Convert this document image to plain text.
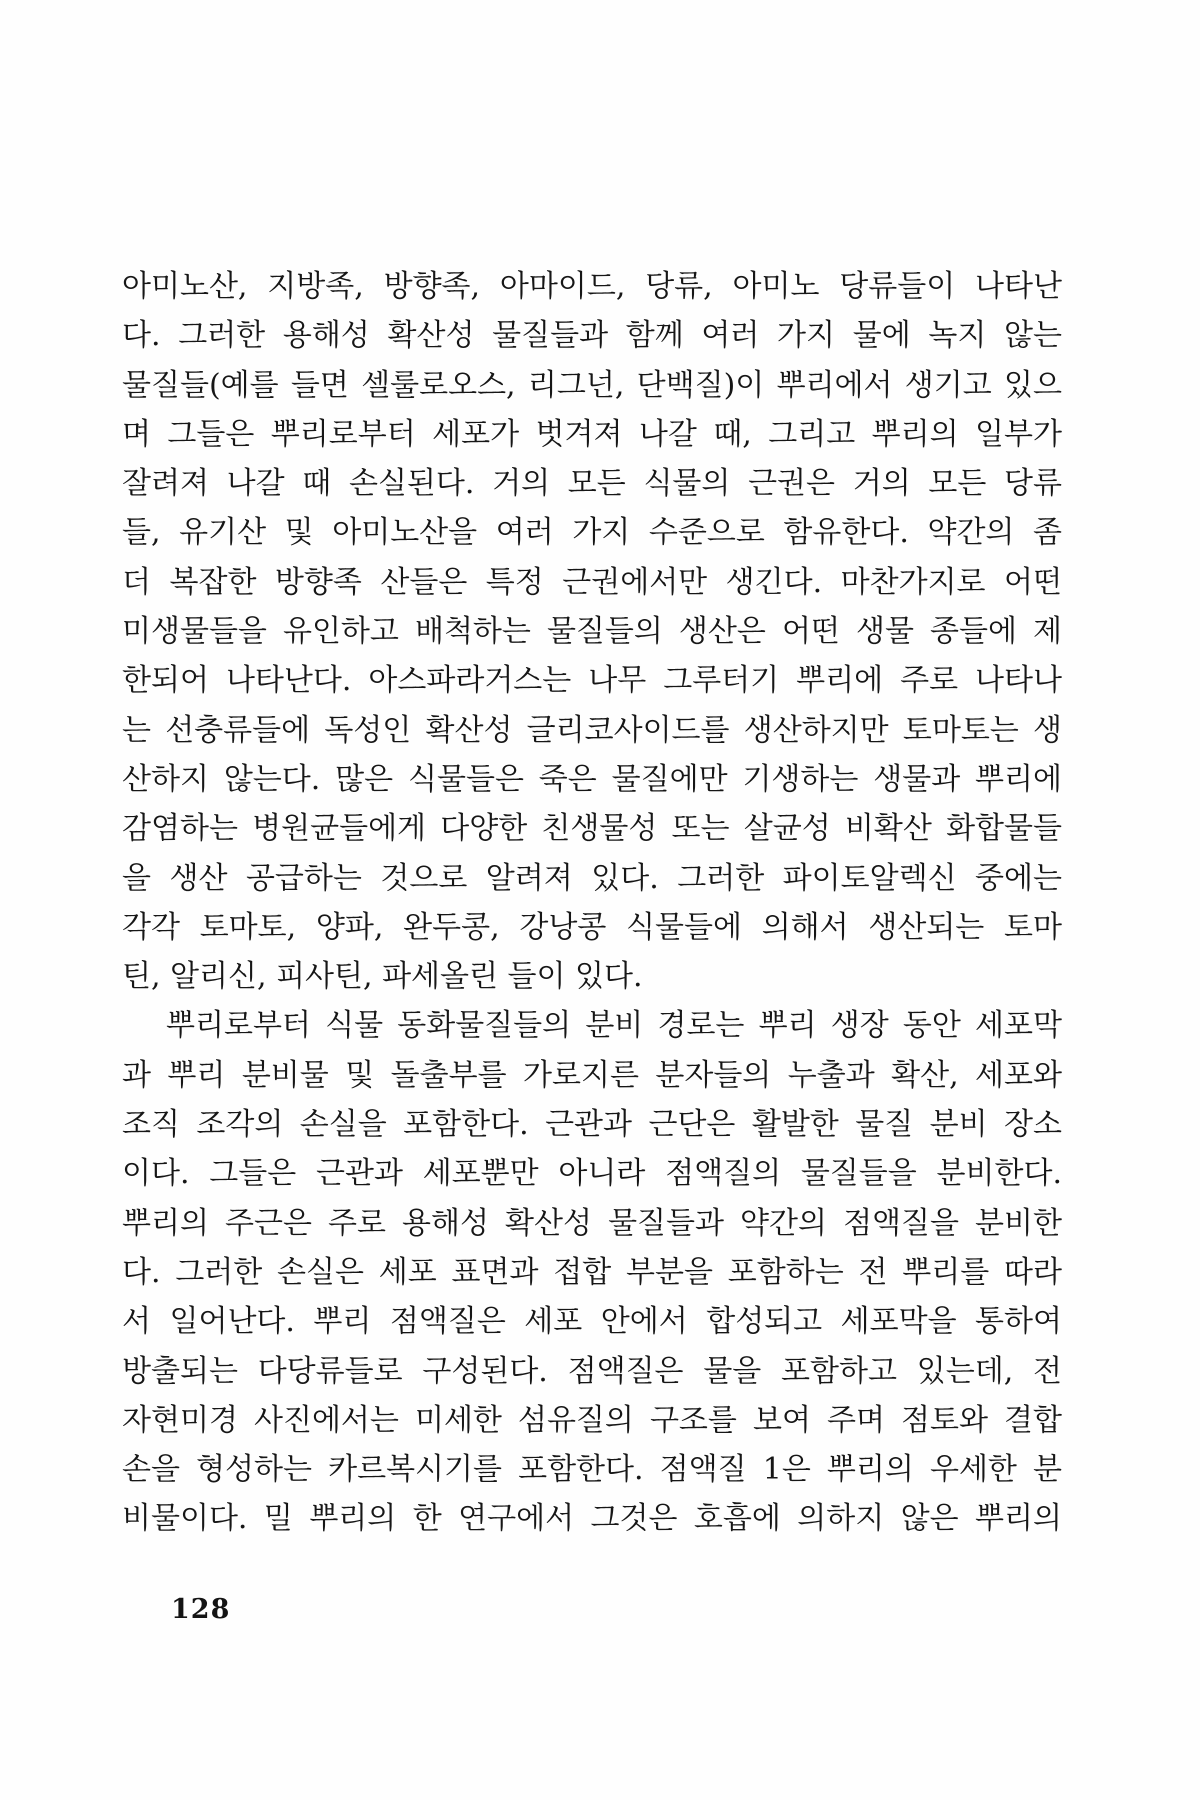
아미노산, 지방족, 방향족, 아마이드, 당류, 아미노 당류들이 나타난
다. 그러한 용해성 확산성 물질들과 함께 여러 가지 물에 녹지 않는
물질들(예를 들면 셀룰로오스, 리그넌, 단백질)이 뿌리에서 생기고 있으
며 그들은 뿌리로부터 세포가 벗겨져 나갈 때, 그리고 뿌리의 일부가
잘려져 나갈 때 손실된다. 거의 모든 식물의 근권은 거의 모든 당류
들, 유기산 및 아미노산을 여러 가지 수준으로 함유한다. 약간의 좀
더 복잡한 방향족 산들은 특정 근권에서만 생긴다. 마찬가지로 어떤
미생물들을 유인하고 배척하는 물질들의 생산은 어떤 생물 종들에 제
한되어 나타난다. 아스파라거스는 나무 그루터기 뿌리에 주로 나타나
는 선충류들에 독성인 확산성 글리코사이드를 생산하지만 토마토는 생
산하지 않는다. 많은 식물들은 죽은 물질에만 기생하는 생물과 뿌리에
감염하는 병원균들에게 다양한 친생물성 또는 살균성 비확산 화합물들
을 생산 공급하는 것으로 알려져 있다. 그러한 파이토알렉신 중에는
각각 토마토, 양파, 완두콩, 강낭콩 식물들에 의해서 생산되는 토마
틴, 알리신, 피사틴, 파세올린 들이 있다.
뿌리로부터 식물 동화물질들의 분비 경로는 뿌리 생장 동안 세포막
과 뿌리 분비물 및 돌출부를 가로지른 분자들의 누출과 확산, 세포와
조직 조각의 손실을 포함한다. 근관과 근단은 활발한 물질 분비 장소
이다. 그들은 근관과 세포뿐만 아니라 점액질의 물질들을 분비한다.
뿌리의 주근은 주로 용해성 확산성 물질들과 약간의 점액질을 분비한
다. 그러한 손실은 세포 표면과 접합 부분을 포함하는 전 뿌리를 따라
서 일어난다. 뿌리 점액질은 세포 안에서 합성되고 세포막을 통하여
방출되는 다당류들로 구성된다. 점액질은 물을 포함하고 있는데, 전
자현미경 사진에서는 미세한 섬유질의 구조를 보여 주며 점토와 결합
손을 형성하는 카르복시기를 포함한다. 점액질 1은 뿌리의 우세한 분
비물이다. 밀 뿌리의 한 연구에서 그것은 호흡에 의하지 않은 뿌리의
128
